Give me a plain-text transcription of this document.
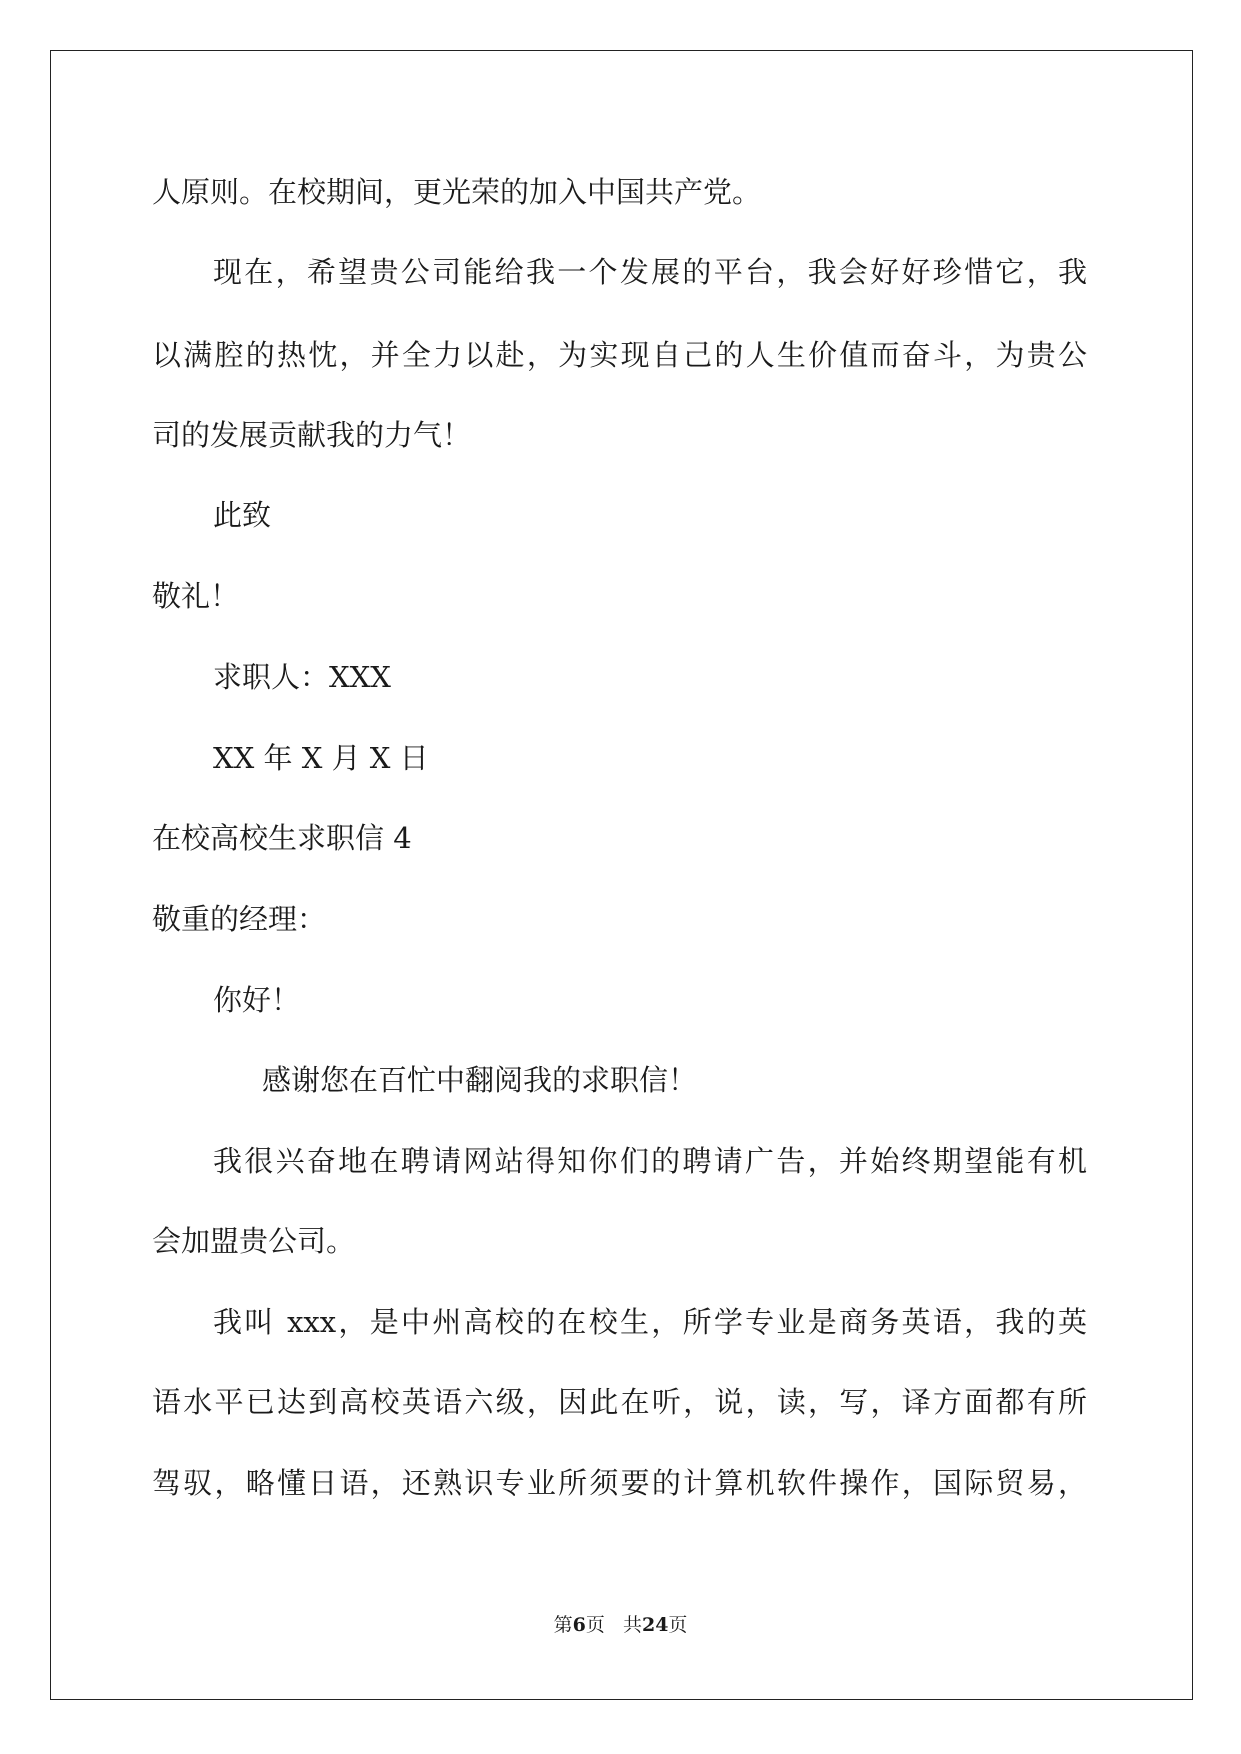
人原则。在校期间，更光荣的加入中国共产党。
现在，希望贵公司能给我一个发展的平台，我会好好珍惜它，我
以满腔的热忱，并全力以赴，为实现自己的人生价值而奋斗，为贵公
司的发展贡献我的力气！
此致
敬礼！
求职人：XXX
XX 年 X 月 X 日
在校高校生求职信 4
敬重的经理：
你好！
感谢您在百忙中翻阅我的求职信！
我很兴奋地在聘请网站得知你们的聘请广告，并始终期望能有机
会加盟贵公司。
我叫 xxx，是中州高校的在校生，所学专业是商务英语，我的英
语水平已达到高校英语六级，因此在听，说，读，写，译方面都有所
驾驭，略懂日语，还熟识专业所须要的计算机软件操作，国际贸易，
第6页 共24页
